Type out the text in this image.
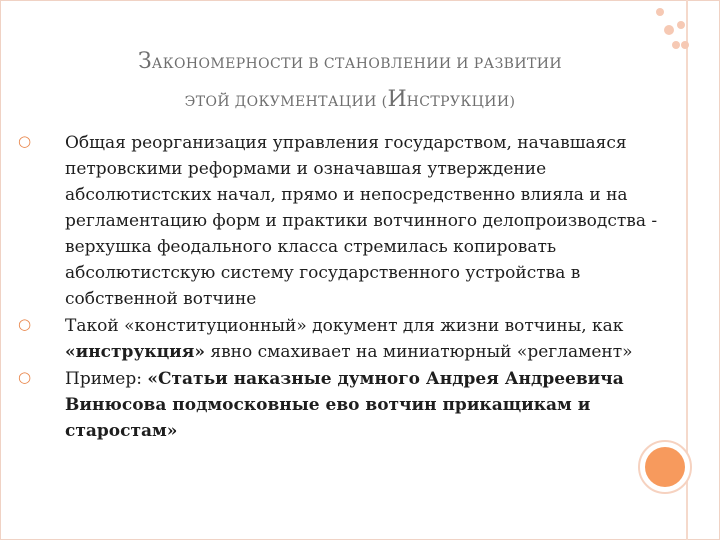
ЗАКОНОМЕРНОСТИ В СТАНОВЛЕНИИ И РАЗВИТИИ
ЭТОЙ ДОКУМЕНТАЦИИ (ИНСТРУКЦИИ)
○ Общая реорганизация управления государством, начавшаяся петровскими реформами и означавшая утверждение абсолютистских начал, прямо и непосредственно влияла и на регламентацию форм и практики вотчинного делопроизводства - верхушка феодального класса стремилась копировать абсолютистскую систему государственного устройства в собственной вотчине
○ Такой «конституционный» документ для жизни вотчины, как «инструкция» явно смахивает на миниатюрный «регламент»
○ Пример: «Статьи наказные думного Андрея Андреевича Винюсова подмосковные ево вотчин прикащикам и старостам»
